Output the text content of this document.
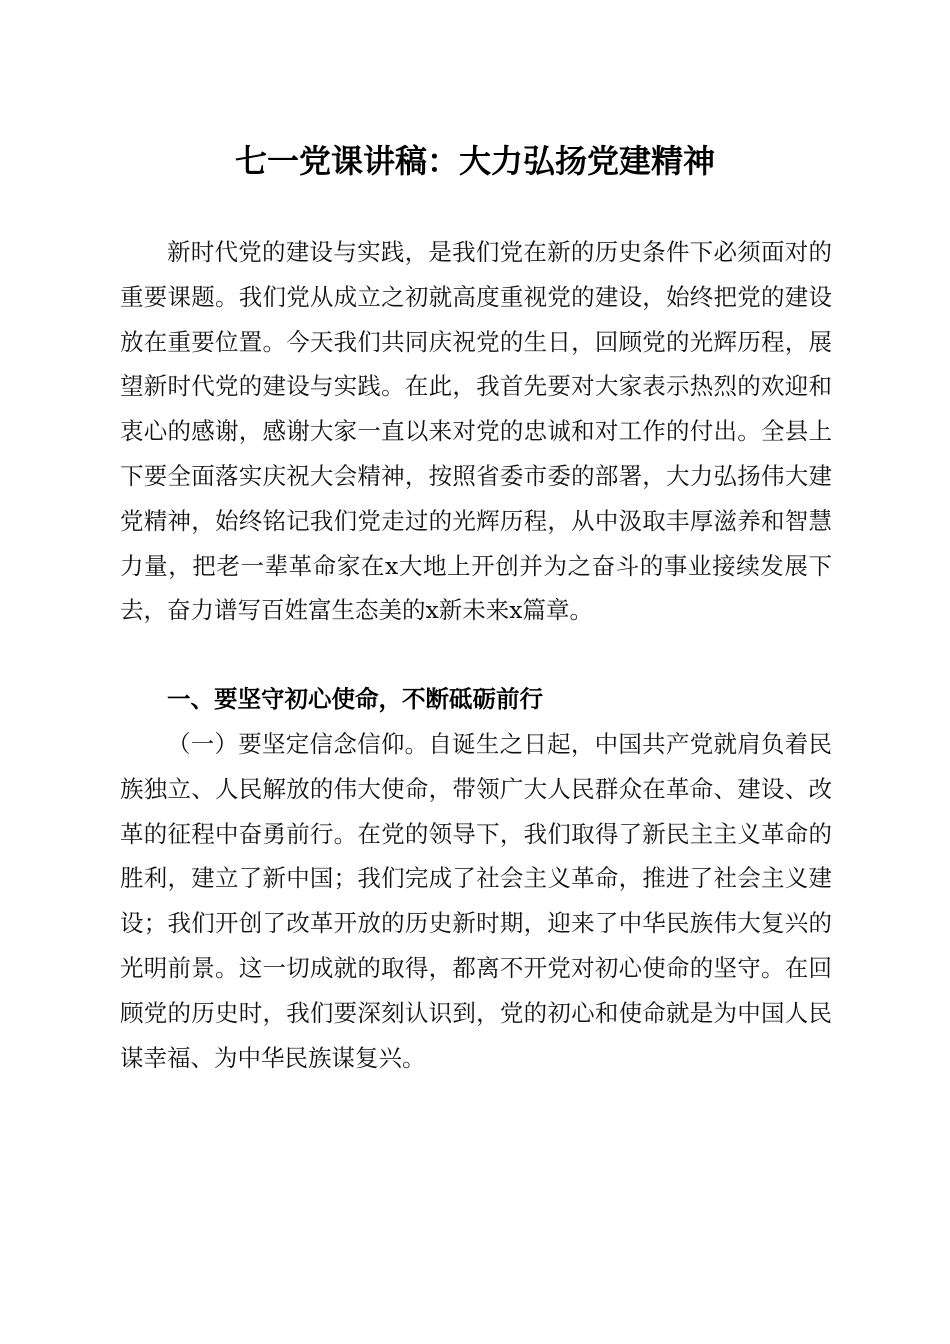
七一党课讲稿：大力弘扬党建精神

新时代党的建设与实践，是我们党在新的历史条件下必须面对的重要课题。我们党从成立之初就高度重视党的建设，始终把党的建设放在重要位置。今天我们共同庆祝党的生日，回顾党的光辉历程，展望新时代党的建设与实践。在此，我首先要对大家表示热烈的欢迎和衷心的感谢，感谢大家一直以来对党的忠诚和对工作的付出。全县上下要全面落实庆祝大会精神，按照省委市委的部署，大力弘扬伟大建党精神，始终铭记我们党走过的光辉历程，从中汲取丰厚滋养和智慧力量，把老一辈革命家在x大地上开创并为之奋斗的事业接续发展下去，奋力谱写百姓富生态美的x新未来x篇章。

一、要坚守初心使命，不断砥砺前行

（一）要坚定信念信仰。自诞生之日起，中国共产党就肩负着民族独立、人民解放的伟大使命，带领广大人民群众在革命、建设、改革的征程中奋勇前行。在党的领导下，我们取得了新民主主义革命的胜利，建立了新中国；我们完成了社会主义革命，推进了社会主义建设；我们开创了改革开放的历史新时期，迎来了中华民族伟大复兴的光明前景。这一切成就的取得，都离不开党对初心使命的坚守。在回顾党的历史时，我们要深刻认识到，党的初心和使命就是为中国人民谋幸福、为中华民族谋复兴。
